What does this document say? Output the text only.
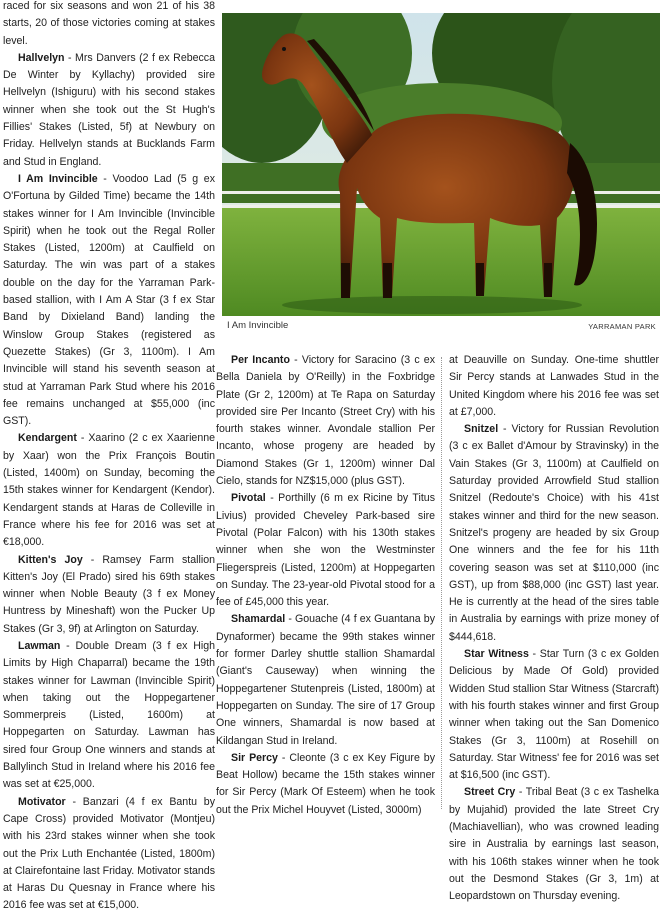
raced for six seasons and won 21 of his 38 starts, 20 of those victories coming at stakes level.

Hallvelyn - Mrs Danvers (2 f ex Rebecca De Winter by Kyllachy) provided sire Hellvelyn (Ishiguru) with his second stakes winner when she took out the St Hugh's Fillies' Stakes (Listed, 5f) at Newbury on Friday. Hellvelyn stands at Bucklands Farm and Stud in England.

I Am Invincible - Voodoo Lad (5 g ex O'Fortuna by Gilded Time) became the 14th stakes winner for I Am Invincible (Invincible Spirit) when he took out the Regal Roller Stakes (Listed, 1200m) at Caulfield on Saturday. The win was part of a stakes double on the day for the Yarraman Park-based stallion, with I Am A Star (3 f ex Star Band by Dixieland Band) landing the Winslow Group Stakes (registered as Quezette Stakes) (Gr 3, 1100m). I Am Invincible will stand his seventh season at stud at Yarraman Park Stud where his 2016 fee remains unchanged at $55,000 (inc GST).

Kendargent - Xaarino (2 c ex Xaarienne by Xaar) won the Prix François Boutin (Listed, 1400m) on Sunday, becoming the 15th stakes winner for Kendargent (Kendor). Kendargent stands at Haras de Colleville in France where his fee for 2016 was set at €18,000.

Kitten's Joy - Ramsey Farm stallion Kitten's Joy (El Prado) sired his 69th stakes winner when Noble Beauty (3 f ex Money Huntress by Mineshaft) won the Pucker Up Stakes (Gr 3, 9f) at Arlington on Saturday.

Lawman - Double Dream (3 f ex High Limits by High Chaparral) became the 19th stakes winner for Lawman (Invincible Spirit) when taking out the Hoppegartener Sommerpreis (Listed, 1600m) at Hoppegarten on Saturday. Lawman has sired four Group One winners and stands at Ballylinch Stud in Ireland where his 2016 fee was set at €25,000.

Motivator - Banzari (4 f ex Bantu by Cape Cross) provided Motivator (Montjeu) with his 23rd stakes winner when she took out the Prix Luth Enchantée (Listed, 1800m) at Clairefontaine last Friday. Motivator stands at Haras Du Quesnay in France where his 2016 fee was set at €15,000.

I Am Invincible	YARRAMAN PARK

Per Incanto - Victory for Saracino (3 c ex Bella Daniela by O'Reilly) in the Foxbridge Plate (Gr 2, 1200m) at Te Rapa on Saturday provided sire Per Incanto (Street Cry) with his fourth stakes winner. Avondale stallion Per Incanto, whose progeny are headed by Diamond Stakes (Gr 1, 1200m) winner Dal Cielo, stands for NZ$15,000 (plus GST).

Pivotal - Porthilly (6 m ex Ricine by Titus Livius) provided Cheveley Park-based sire Pivotal (Polar Falcon) with his 130th stakes winner when she won the Westminster Fliegerspreis (Listed, 1200m) at Hoppegarten on Sunday. The 23-year-old Pivotal stood for a fee of £45,000 this year.

Shamardal - Gouache (4 f ex Guantana by Dynaformer) became the 99th stakes winner for former Darley shuttle stallion Shamardal (Giant's Causeway) when winning the Hoppegartener Stutenpreis (Listed, 1800m) at Hoppegarten on Sunday. The sire of 17 Group One winners, Shamardal is now based at Kildangan Stud in Ireland.

Sir Percy - Cleonte (3 c ex Key Figure by Beat Hollow) became the 15th stakes winner for Sir Percy (Mark Of Esteem) when he took out the Prix Michel Houyvet (Listed, 3000m)

at Deauville on Sunday. One-time shuttler Sir Percy stands at Lanwades Stud in the United Kingdom where his 2016 fee was set at £7,000.

Snitzel - Victory for Russian Revolution (3 c ex Ballet d'Amour by Stravinsky) in the Vain Stakes (Gr 3, 1100m) at Caulfield on Saturday provided Arrowfield Stud stallion Snitzel (Redoute's Choice) with his 41st stakes winner and third for the new season. Snitzel's progeny are headed by six Group One winners and the fee for his 11th covering season was set at $110,000 (inc GST), up from $88,000 (inc GST) last year. He is currently at the head of the sires table in Australia by earnings with prize money of $444,618.

Star Witness - Star Turn (3 c ex Golden Delicious by Made Of Gold) provided Widden Stud stallion Star Witness (Starcraft) with his fourth stakes winner and first Group winner when taking out the San Domenico Stakes (Gr 3, 1100m) at Rosehill on Saturday. Star Witness' fee for 2016 was set at $16,500 (inc GST).

Street Cry - Tribal Beat (3 c ex Tashelka by Mujahid) provided the late Street Cry (Machiavellian), who was crowned leading sire in Australia by earnings last season, with his 106th stakes winner when he took out the Desmond Stakes (Gr 3, 1m) at Leopardstown on Thursday evening.
